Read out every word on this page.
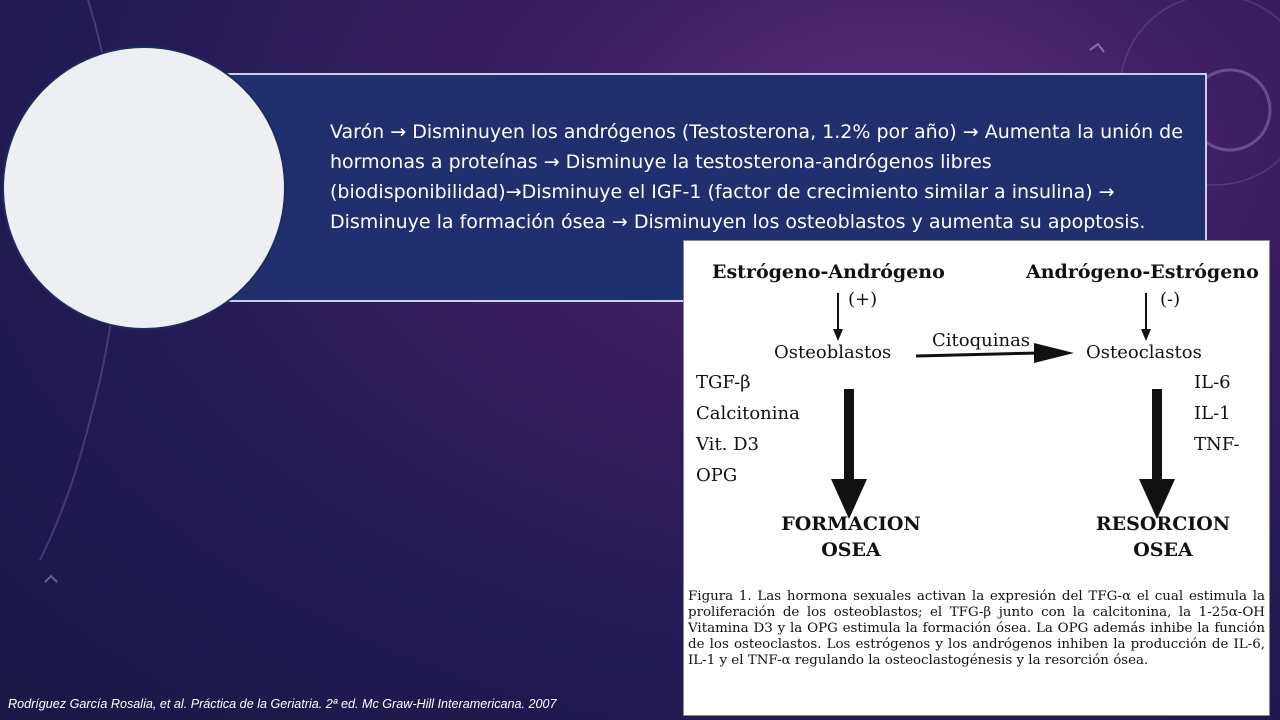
Varón → Disminuyen los andrógenos (Testosterona, 1.2% por año) → Aumenta la unión de hormonas a proteínas → Disminuye la testosterona-andrógenos libres (biodisponibilidad)→Disminuye el IGF-1 (factor de crecimiento similar a insulina) → Disminuye la formación ósea → Disminuyen los osteoblastos y aumenta su apoptosis.
Estrógeno-Andrógeno	Andrógeno-Estrógeno
(+)	(-)
Osteoblastos	Osteoclastos
Citoquinas
TGF-β
Calcitonina
Vit. D3
OPG
IL-6
IL-1
TNF-
FORMACION
OSEA
RESORCION
OSEA
Figura 1. Las hormona sexuales activan la expresión del TFG-α el cual estimula la proliferación de los osteoblastos; el TFG-β junto con la calcitonina, la 1-25α-OH Vitamina D3 y la OPG estimula la formación ósea. La OPG además inhibe la función de los osteoclastos. Los estrógenos y los andrógenos inhiben la producción de IL-6, IL-1 y el TNF-α regulando la osteoclastogénesis y la resorción ósea.
Rodríguez García Rosalia, et al. Práctica de la Geriatria. 2ª ed. Mc Graw-Hill Interamericana. 2007
